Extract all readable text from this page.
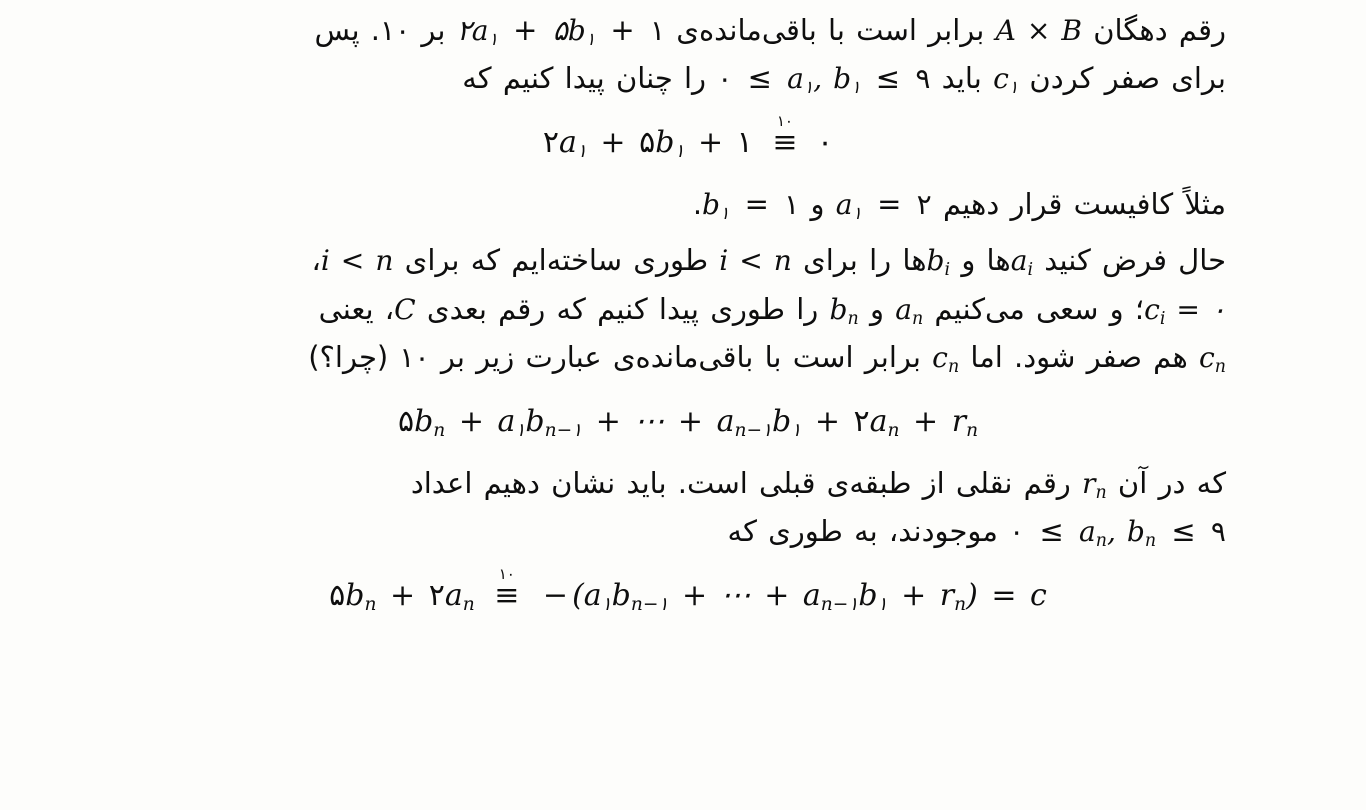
رقم دهگان A × B برابر است با باقی‌مانده‌ی ۱ + $۵b_۱$ + $۲a_۱$ بر ۱۰. پس

برای صفر کردن $c_۱$ باید ۹ ≥ $a_۱$, $b_۱$ ≥ ۰ را چنان پیدا کنیم که

$۲a_۱$ + $۵b_۱$ + ۱
۱۰
≡ ۰

مثلاً کافیست قرار دهیم ۲ = $a_۱$ و ۱ = $b_۱$.

حال فرض کنید $a_i‌ها$ و $b_i‌ها$ را برای i < n طوری ساخته‌ایم که برای i < n،

$c_i$ = ۰؛ و سعی می‌کنیم $a_n$ و $b_n$ را طوری پیدا کنیم که رقم بعدی C، یعنی

$c_n$ هم صفر شود. اما $c_n$ برابر است با باقی‌مانده‌ی عبارت زیر بر ۱۰ (چرا؟)

$۵b_n + a_۱b_{n-۱}$ + ⋯ + $a_{n-۱}b_۱$ + $۲a_n + r_n$

که در آن $r_n$ رقم نقلی از طبقه‌ی قبلی است. باید نشان دهیم اعداد

۹ ≥ $a_n$, $b_n$ ≥ ۰ موجودند، به طوری که

$۵b_n$ + $۲a_n$
۱۰
≡ − ($a_۱b_{n-۱}$ + ⋯ + $a_{n-۱}b_۱ + r_n) = c$
